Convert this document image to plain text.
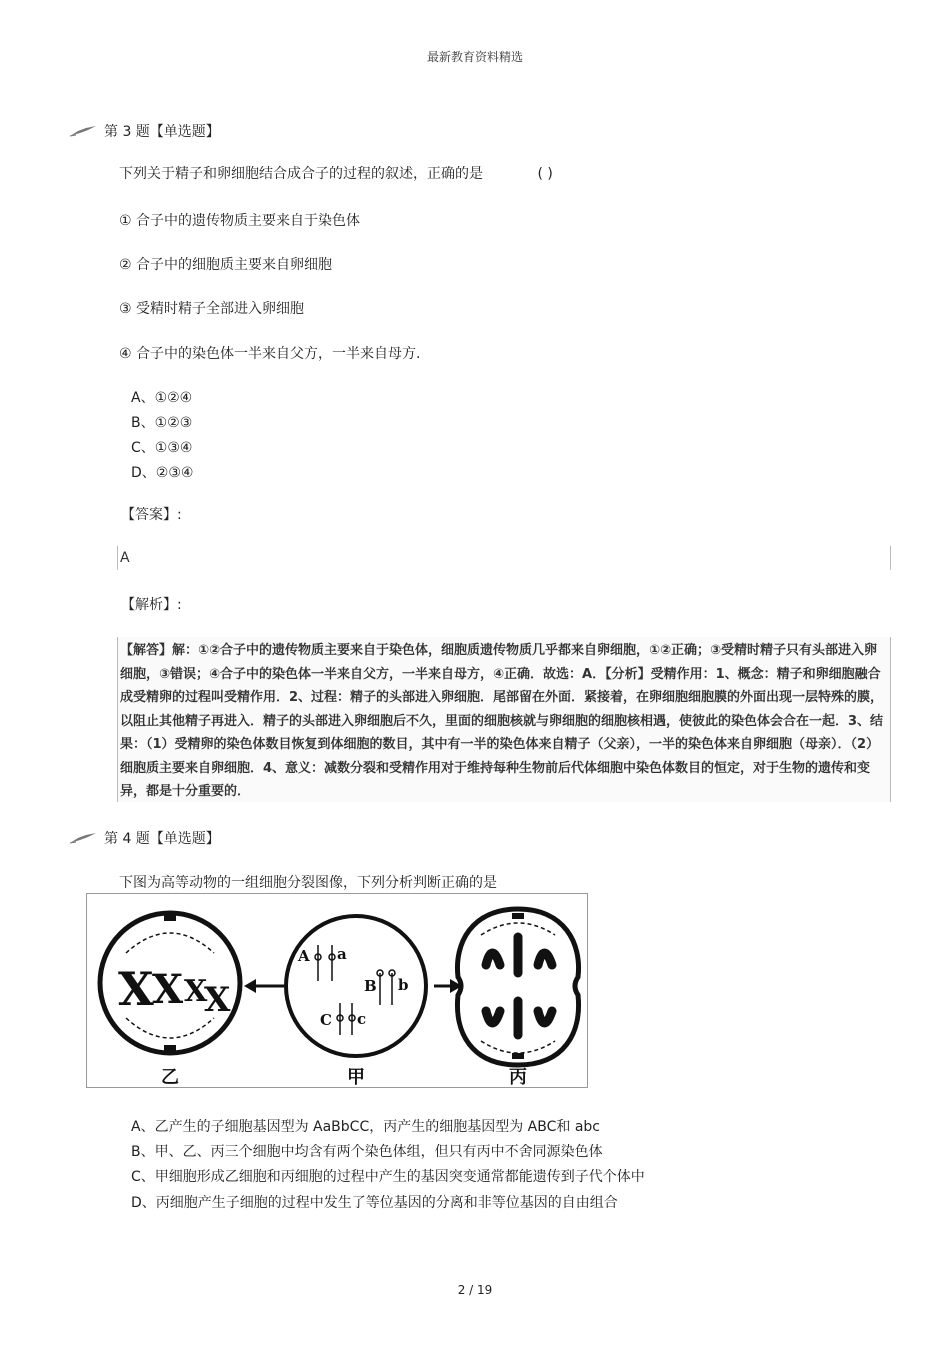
最新教育资料精选
第 3 题【单选题】
下列关于精子和卵细胞结合成合子的过程的叙述，正确的是	( )
① 合子中的遗传物质主要来自于染色体
② 合子中的细胞质主要来自卵细胞
③ 受精时精子全部进入卵细胞
④ 合子中的染色体一半来自父方，一半来自母方.
A、①②④
B、①②③
C、①③④
D、②③④
【答案】:
A
【解析】:
【解答】解：①②合子中的遗传物质主要来自于染色体，细胞质遗传物质几乎都来自卵细胞，①②正确；③受精时精子只有头部进入卵细胞，③错误；④合子中的染色体一半来自父方，一半来自母方，④正确．故选：A．【分析】受精作用：1、概念：精子和卵细胞融合成受精卵的过程叫受精作用．2、过程：精子的头部进入卵细胞．尾部留在外面．紧接着，在卵细胞细胞膜的外面出现一层特殊的膜，以阻止其他精子再进入．精子的头部进入卵细胞后不久，里面的细胞核就与卵细胞的细胞核相遇，使彼此的染色体会合在一起．3、结果：（1）受精卵的染色体数目恢复到体细胞的数目，其中有一半的染色体来自精子（父亲），一半的染色体来自卵细胞（母亲）．（2）细胞质主要来自卵细胞．4、意义：减数分裂和受精作用对于维持每种生物前后代体细胞中染色体数目的恒定，对于生物的遗传和变异，都是十分重要的．
第 4 题【单选题】
下图为高等动物的一组细胞分裂图像，下列分析判断正确的是
X
X X
X
A a
B b
C c
乙	甲	丙
A、乙产生的子细胞基因型为 AaBbCC，丙产生的细胞基因型为 ABC和 abc
B、甲、乙、丙三个细胞中均含有两个染色体组，但只有丙中不舍同源染色体
C、甲细胞形成乙细胞和丙细胞的过程中产生的基因突变通常都能遗传到子代个体中
D、丙细胞产生子细胞的过程中发生了等位基因的分离和非等位基因的自由组合
2 / 19
